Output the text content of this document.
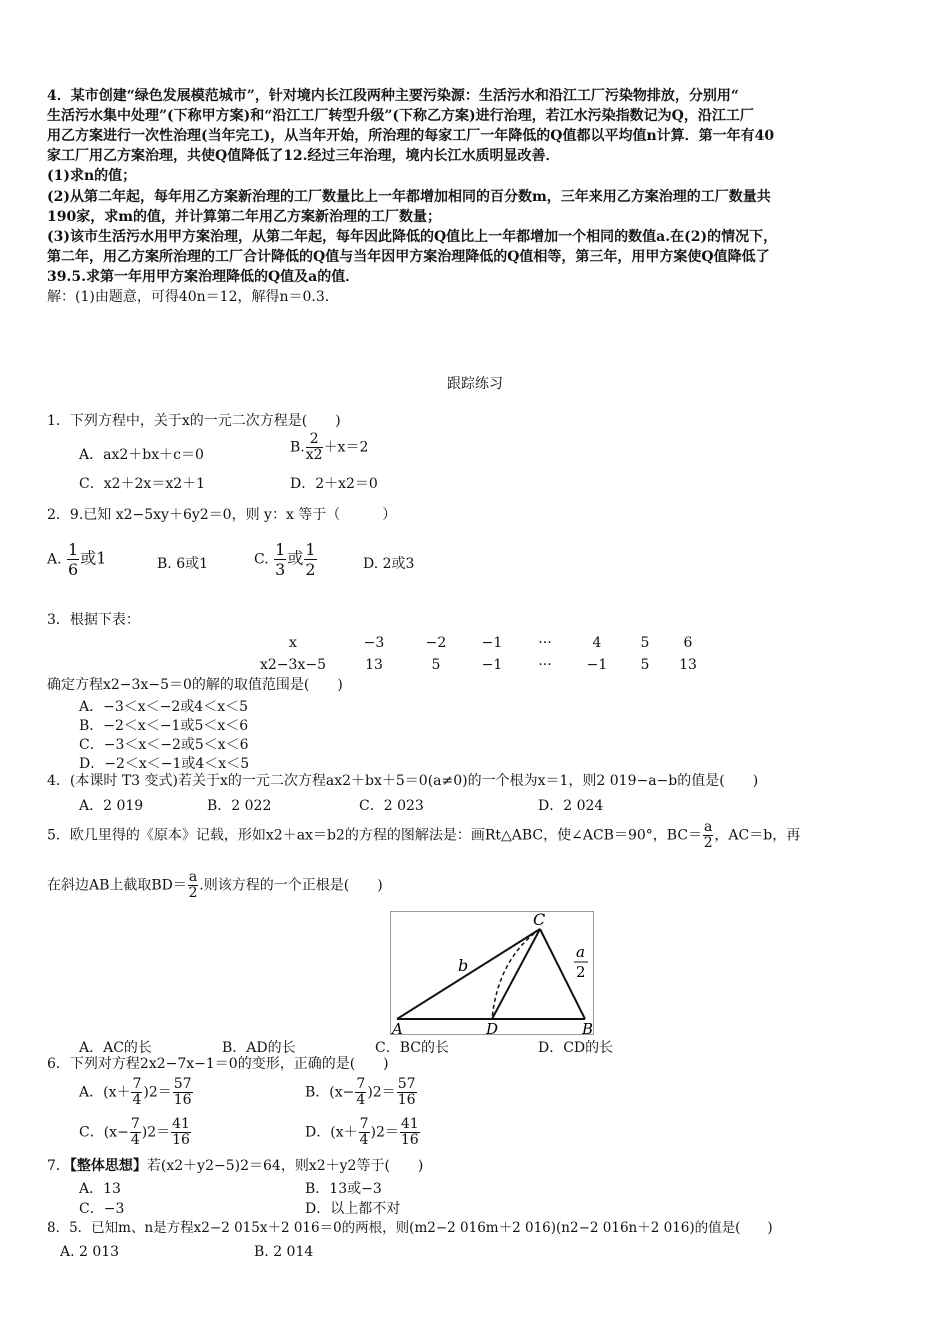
4．某市创建“绿色发展模范城市”，针对境内长江段两种主要污染源：生活污水和沿江工厂污染物排放，分别用“
生活污水集中处理”(下称甲方案)和“沿江工厂转型升级”(下称乙方案)进行治理，若江水污染指数记为Q，沿江工厂
用乙方案进行一次性治理(当年完工)，从当年开始，所治理的每家工厂一年降低的Q值都以平均值n计算．第一年有40
家工厂用乙方案治理，共使Q值降低了12.经过三年治理，境内长江水质明显改善．
(1)求n的值；
(2)从第二年起，每年用乙方案新治理的工厂数量比上一年都增加相同的百分数m，三年来用乙方案治理的工厂数量共
190家，求m的值，并计算第二年用乙方案新治理的工厂数量；
(3)该市生活污水用甲方案治理，从第二年起，每年因此降低的Q值比上一年都增加一个相同的数值a.在(2)的情况下，
第二年，用乙方案所治理的工厂合计降低的Q值与当年因甲方案治理降低的Q值相等，第三年，用甲方案使Q值降低了
39.5.求第一年用甲方案治理降低的Q值及a的值．
解：(1)由题意，可得40n＝12，解得n＝0.3.
跟踪练习
1．下列方程中，关于x的一元二次方程是(　　)
A．ax2＋bx＋c＝0	B. $\frac{2}{x2} +x=2$
C．x2＋2x＝x2＋1	D．2＋x2＝0
2．9.已知 x2−5xy＋6y2＝0，则 y：x 等于（　　　）
A. $\frac{1}{6}$ 或1	B. 6或1	C. $\frac{1}{3}$ 或 $\frac{1}{2}$	D. 2或3
3．根据下表：
x	−3	−2	−1	···	4	5	6
x2−3x−5	13	5	−1	···	−1	5	13
确定方程x2−3x−5＝0的解的取值范围是(　　)
A．−3＜x＜−2或4＜x＜5
B．−2＜x＜−1或5＜x＜6
C．−3＜x＜−2或5＜x＜6
D．−2＜x＜−1或4＜x＜5
4．(本课时 T3 变式)若关于x的一元二次方程ax2＋bx＋5＝0(a≠0)的一个根为x＝1，则2 019−a−b的值是(　　)
A．2 019	B．2 022	C．2 023	D．2 024
5．欧几里得的《原本》记载，形如x2＋ax＝b2的方程的图解法是：画Rt△ABC，使∠ACB＝90°，$BC= \frac{a}{2}$ ，AC＝b，再
在斜边AB上截取$BD= \frac{a}{2}$ .则该方程的一个正根是(　　)
C
A	D	B
b
a
2
A．AC的长	B．AD的长	C．BC的长	D．CD的长
6．下列对方程2x2−7x−1＝0的变形，正确的是(　　)
A．$(x+ \frac{7}{4} )2= \frac{57}{16}$	B．$(x- \frac{7}{4} )2= \frac{57}{16}$
C．$(x- \frac{7}{4} )2= \frac{41}{16}$	D．$(x+ \frac{7}{4} )2= \frac{41}{16}$
7．【整体思想】若(x2＋y2−5)2＝64，则x2＋y2等于(　　)
A．13	B．13或−3
C．−3	D．以上都不对
8．5．已知m、n是方程x2−2 015x＋2 016＝0的两根，则(m2−2 016m＋2 016)(n2−2 016n＋2 016)的值是(　　)
A. 2 013	B. 2 014
